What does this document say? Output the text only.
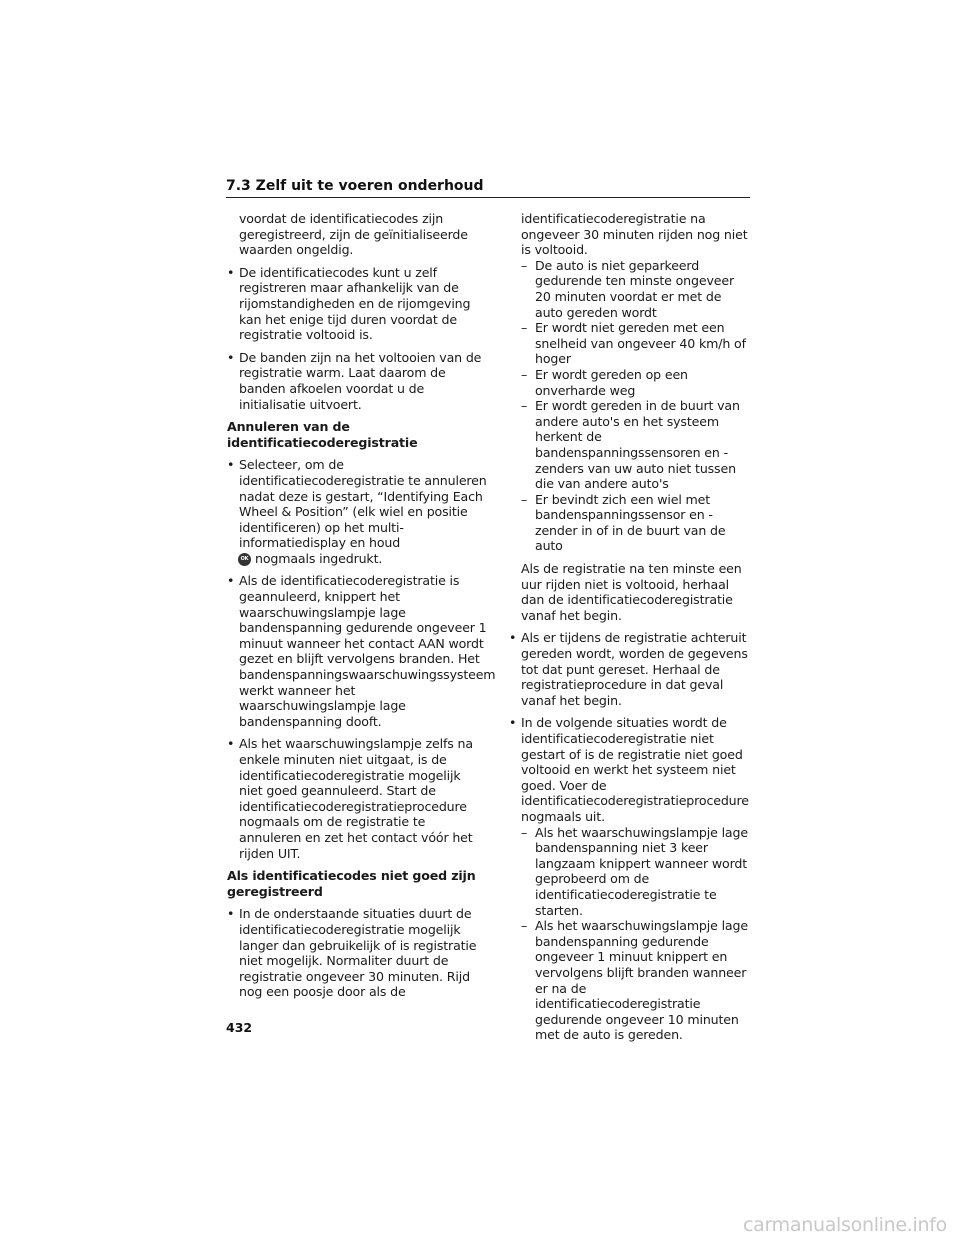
7.3 Zelf uit te voeren onderhoud

voordat de identificatiecodes zijn geregistreerd, zijn de geïnitialiseerde waarden ongeldig.

• De identificatiecodes kunt u zelf registreren maar afhankelijk van de rijomstandigheden en de rijomgeving kan het enige tijd duren voordat de registratie voltooid is.
• De banden zijn na het voltooien van de registratie warm. Laat daarom de banden afkoelen voordat u de initialisatie uitvoert.

Annuleren van de identificatiecoderegistratie

• Selecteer, om de identificatiecoderegistratie te annuleren nadat deze is gestart, “Identifying Each Wheel & Position” (elk wiel en positie identificeren) op het multi-informatiedisplay en houd
OK nogmaals ingedrukt.
• Als de identificatiecoderegistratie is geannuleerd, knippert het waarschuwingslampje lage bandenspanning gedurende ongeveer 1 minuut wanneer het contact AAN wordt gezet en blijft vervolgens branden. Het bandenspanningswaarschuwingssysteem werkt wanneer het waarschuwingslampje lage bandenspanning dooft.
• Als het waarschuwingslampje zelfs na enkele minuten niet uitgaat, is de identificatiecoderegistratie mogelijk niet goed geannuleerd. Start de identificatiecoderegistratieprocedure nogmaals om de registratie te annuleren en zet het contact vóór het rijden UIT.

Als identificatiecodes niet goed zijn geregistreerd

• In de onderstaande situaties duurt de identificatiecoderegistratie mogelijk langer dan gebruikelijk of is registratie niet mogelijk. Normaliter duurt de registratie ongeveer 30 minuten. Rijd nog een poosje door als de

identificatiecoderegistratie na ongeveer 30 minuten rijden nog niet is voltooid.

– De auto is niet geparkeerd gedurende ten minste ongeveer 20 minuten voordat er met de auto gereden wordt
– Er wordt niet gereden met een snelheid van ongeveer 40 km/h of hoger
– Er wordt gereden op een onverharde weg
– Er wordt gereden in de buurt van andere auto's en het systeem herkent de bandenspanningssensoren en -zenders van uw auto niet tussen die van andere auto's
– Er bevindt zich een wiel met bandenspanningssensor en -zender in of in de buurt van de auto

Als de registratie na ten minste een uur rijden niet is voltooid, herhaal dan de identificatiecoderegistratie vanaf het begin.

• Als er tijdens de registratie achteruit gereden wordt, worden de gegevens tot dat punt gereset. Herhaal de registratieprocedure in dat geval vanaf het begin.
• In de volgende situaties wordt de identificatiecoderegistratie niet gestart of is de registratie niet goed voltooid en werkt het systeem niet goed. Voer de identificatiecoderegistratieprocedure nogmaals uit.
– Als het waarschuwingslampje lage bandenspanning niet 3 keer langzaam knippert wanneer wordt geprobeerd om de identificatiecoderegistratie te starten.
– Als het waarschuwingslampje lage bandenspanning gedurende ongeveer 1 minuut knippert en vervolgens blijft branden wanneer er na de identificatiecoderegistratie gedurende ongeveer 10 minuten met de auto is gereden.
432
carmanualsonline.info
